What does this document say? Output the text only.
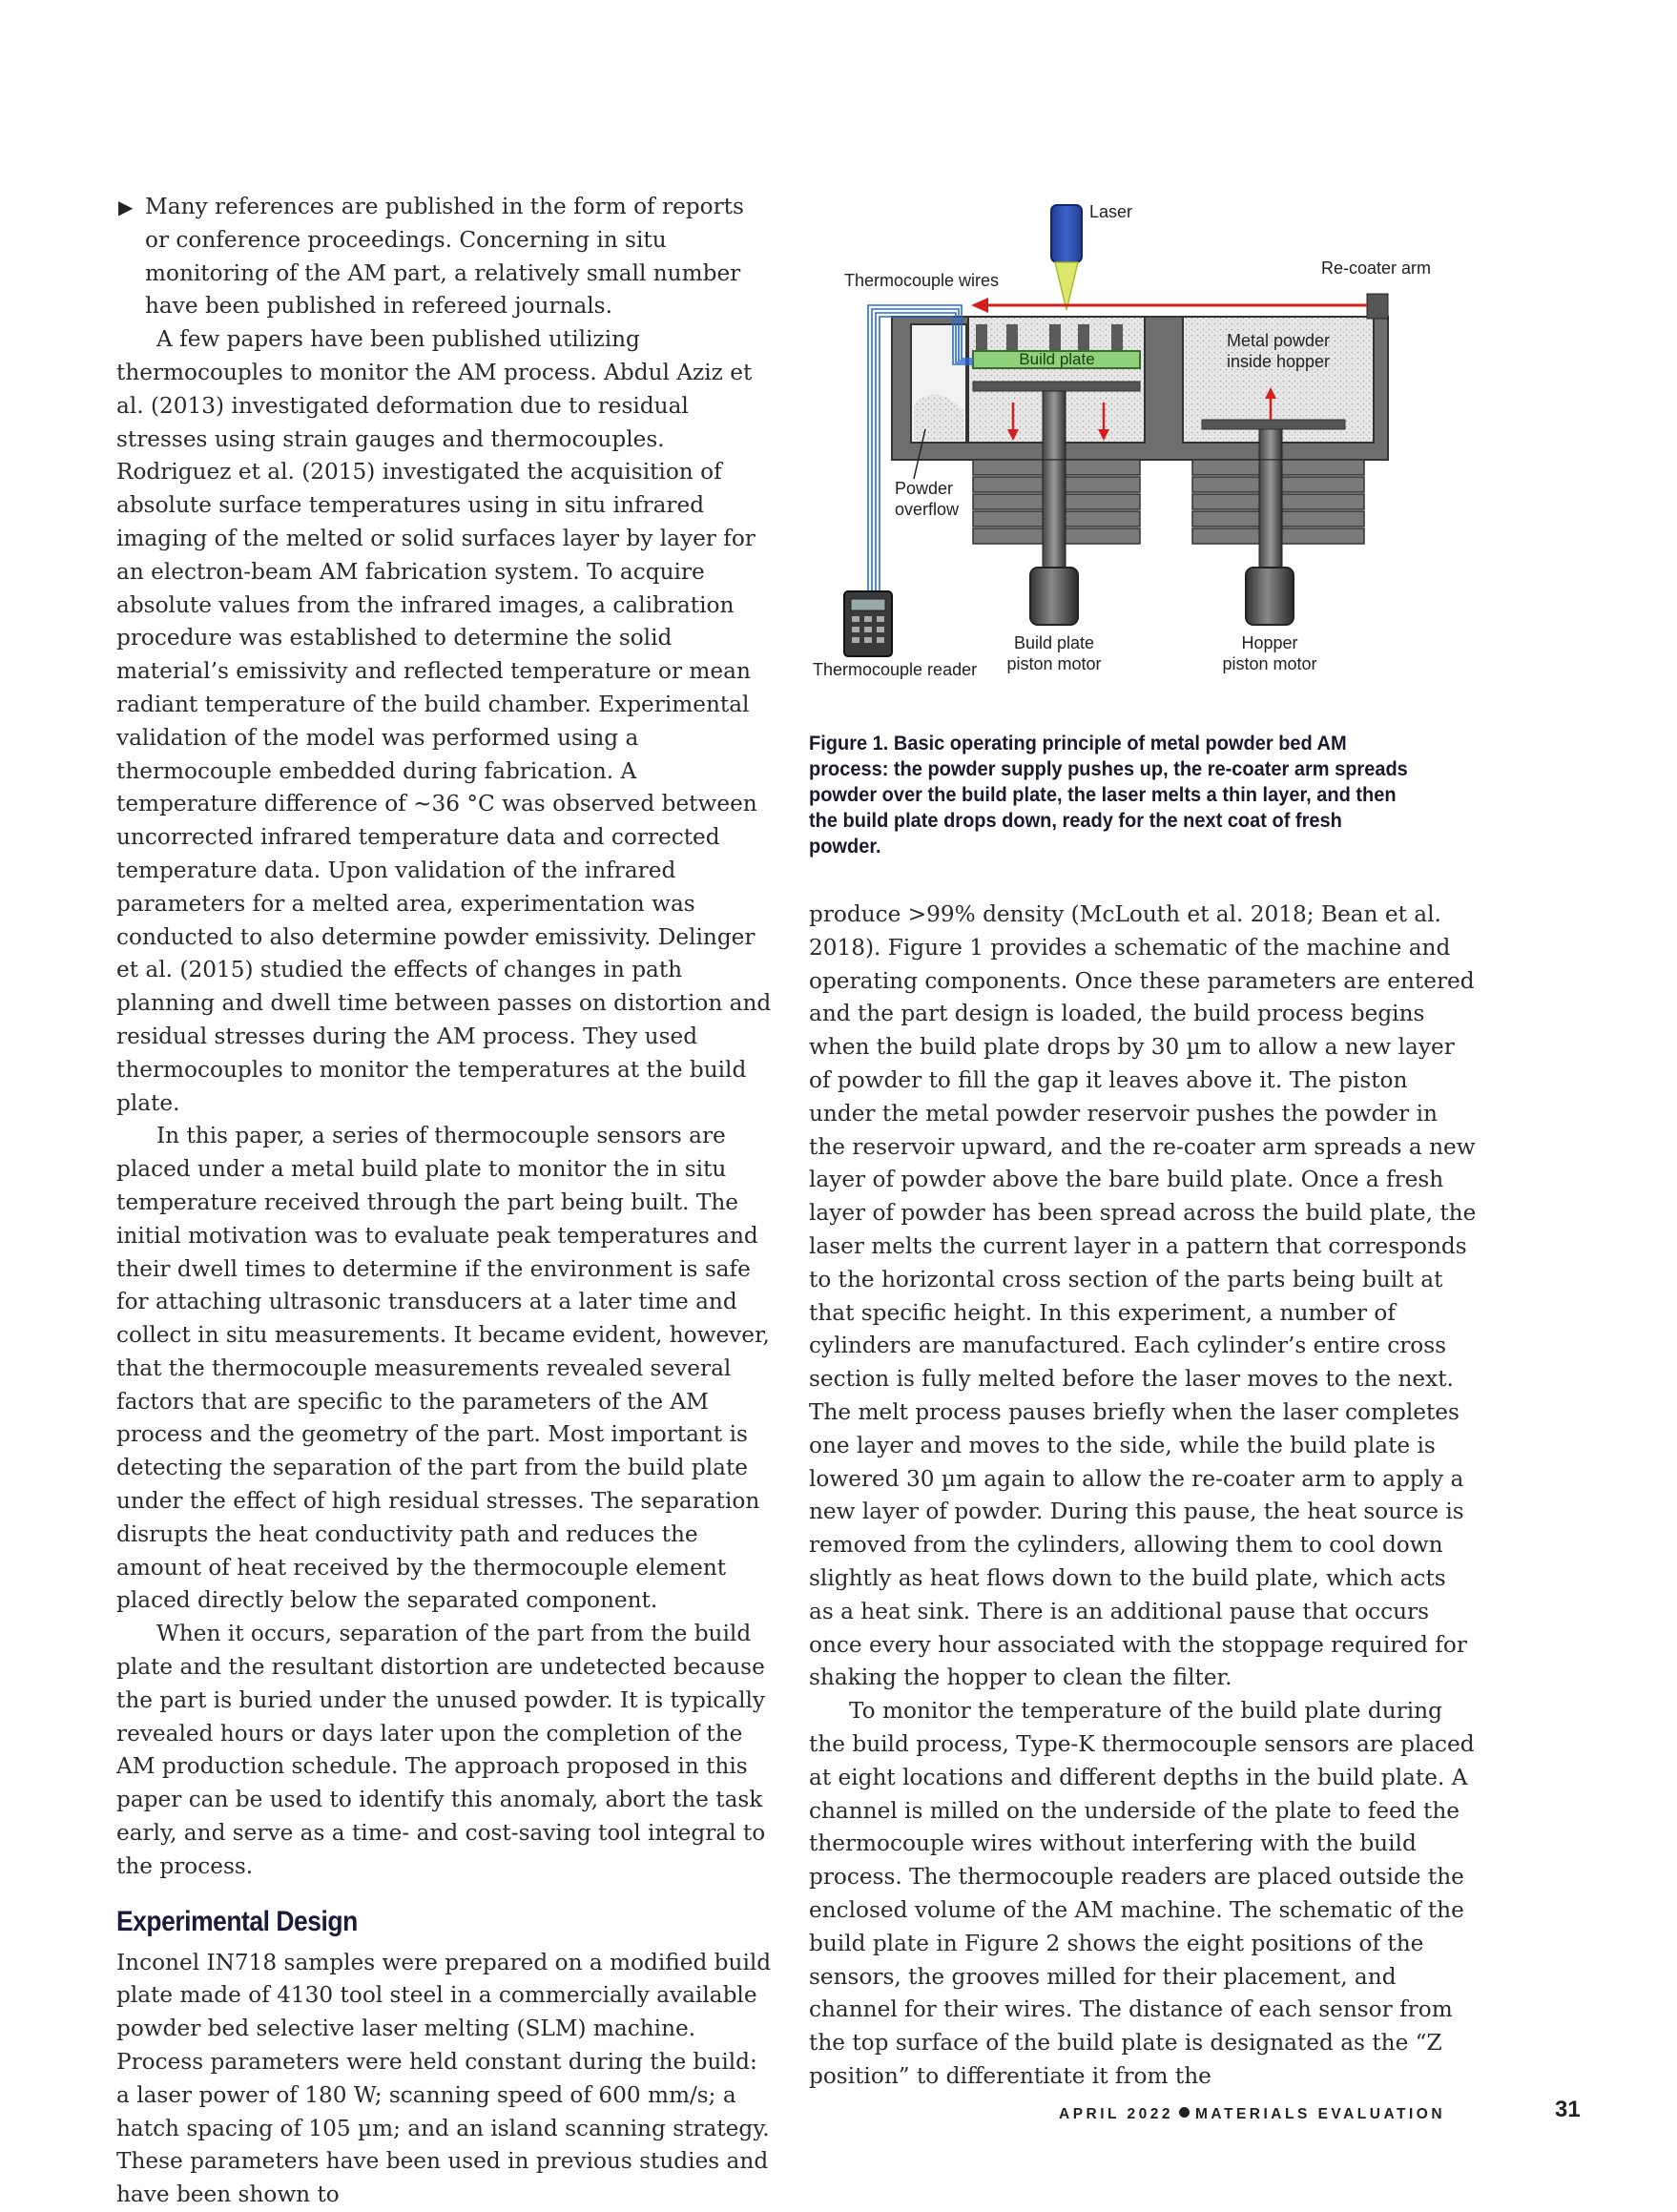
▶ Many references are published in the form of reports or conference proceedings. Concerning in situ monitoring of the AM part, a relatively small number have been published in refereed journals.

A few papers have been published utilizing thermocouples to monitor the AM process. Abdul Aziz et al. (2013) investigated deformation due to residual stresses using strain gauges and thermocouples. Rodriguez et al. (2015) investigated the acquisition of absolute surface temperatures using in situ infrared imaging of the melted or solid surfaces layer by layer for an electron-beam AM fabrication system. To acquire absolute values from the infrared images, a calibration procedure was established to determine the solid material’s emissivity and reflected temperature or mean radiant temperature of the build chamber. Experimental validation of the model was performed using a thermocouple embedded during fabrication. A temperature difference of ~36 °C was observed between uncorrected infrared temperature data and corrected temperature data. Upon validation of the infrared parameters for a melted area, experimentation was conducted to also determine powder emissivity. Delinger et al. (2015) studied the effects of changes in path planning and dwell time between passes on distortion and residual stresses during the AM process. They used thermocouples to monitor the temperatures at the build plate.

In this paper, a series of thermocouple sensors are placed under a metal build plate to monitor the in situ temperature received through the part being built. The initial motivation was to evaluate peak temperatures and their dwell times to determine if the environment is safe for attaching ultrasonic transducers at a later time and collect in situ measurements. It became evident, however, that the thermocouple measurements revealed several factors that are specific to the parameters of the AM process and the geometry of the part. Most important is detecting the separation of the part from the build plate under the effect of high residual stresses. The separation disrupts the heat conductivity path and reduces the amount of heat received by the thermocouple element placed directly below the separated component.

When it occurs, separation of the part from the build plate and the resultant distortion are undetected because the part is buried under the unused powder. It is typically revealed hours or days later upon the completion of the AM production schedule. The approach proposed in this paper can be used to identify this anomaly, abort the task early, and serve as a time- and cost-saving tool integral to the process.

Experimental Design

Inconel IN718 samples were prepared on a modified build plate made of 4130 tool steel in a commercially available powder bed selective laser melting (SLM) machine. Process parameters were held constant during the build: a laser power of 180 W; scanning speed of 600 mm/s; a hatch spacing of 105 µm; and an island scanning strategy. These parameters have been used in previous studies and have been shown to

Build plate
Laser
Re-coater arm
Metal powder
inside hopper
Thermocouple wires
Powder
overflow
Thermocouple reader
Build plate
piston motor
Hopper
piston motor
Figure 1. Basic operating principle of metal powder bed AM process: the powder supply pushes up, the re-coater arm spreads powder over the build plate, the laser melts a thin layer, and then the build plate drops down, ready for the next coat of fresh powder.

produce >99% density (McLouth et al. 2018; Bean et al. 2018). Figure 1 provides a schematic of the machine and operating components. Once these parameters are entered and the part design is loaded, the build process begins when the build plate drops by 30 µm to allow a new layer of powder to fill the gap it leaves above it. The piston under the metal powder reservoir pushes the powder in the reservoir upward, and the re-coater arm spreads a new layer of powder above the bare build plate. Once a fresh layer of powder has been spread across the build plate, the laser melts the current layer in a pattern that corresponds to the horizontal cross section of the parts being built at that specific height. In this experiment, a number of cylinders are manufactured. Each cylinder’s entire cross section is fully melted before the laser moves to the next. The melt process pauses briefly when the laser completes one layer and moves to the side, while the build plate is lowered 30 µm again to allow the re-coater arm to apply a new layer of powder. During this pause, the heat source is removed from the cylinders, allowing them to cool down slightly as heat flows down to the build plate, which acts as a heat sink. There is an additional pause that occurs once every hour associated with the stoppage required for shaking the hopper to clean the filter.

To monitor the temperature of the build plate during the build process, Type-K thermocouple sensors are placed at eight locations and different depths in the build plate. A channel is milled on the underside of the plate to feed the thermocouple wires without interfering with the build process. The thermocouple readers are placed outside the enclosed volume of the AM machine. The schematic of the build plate in Figure 2 shows the eight positions of the sensors, the grooves milled for their placement, and channel for their wires. The distance of each sensor from the top surface of the build plate is designated as the “Z position” to differentiate it from the

APRIL 2022 MATERIALS EVALUATION	31
